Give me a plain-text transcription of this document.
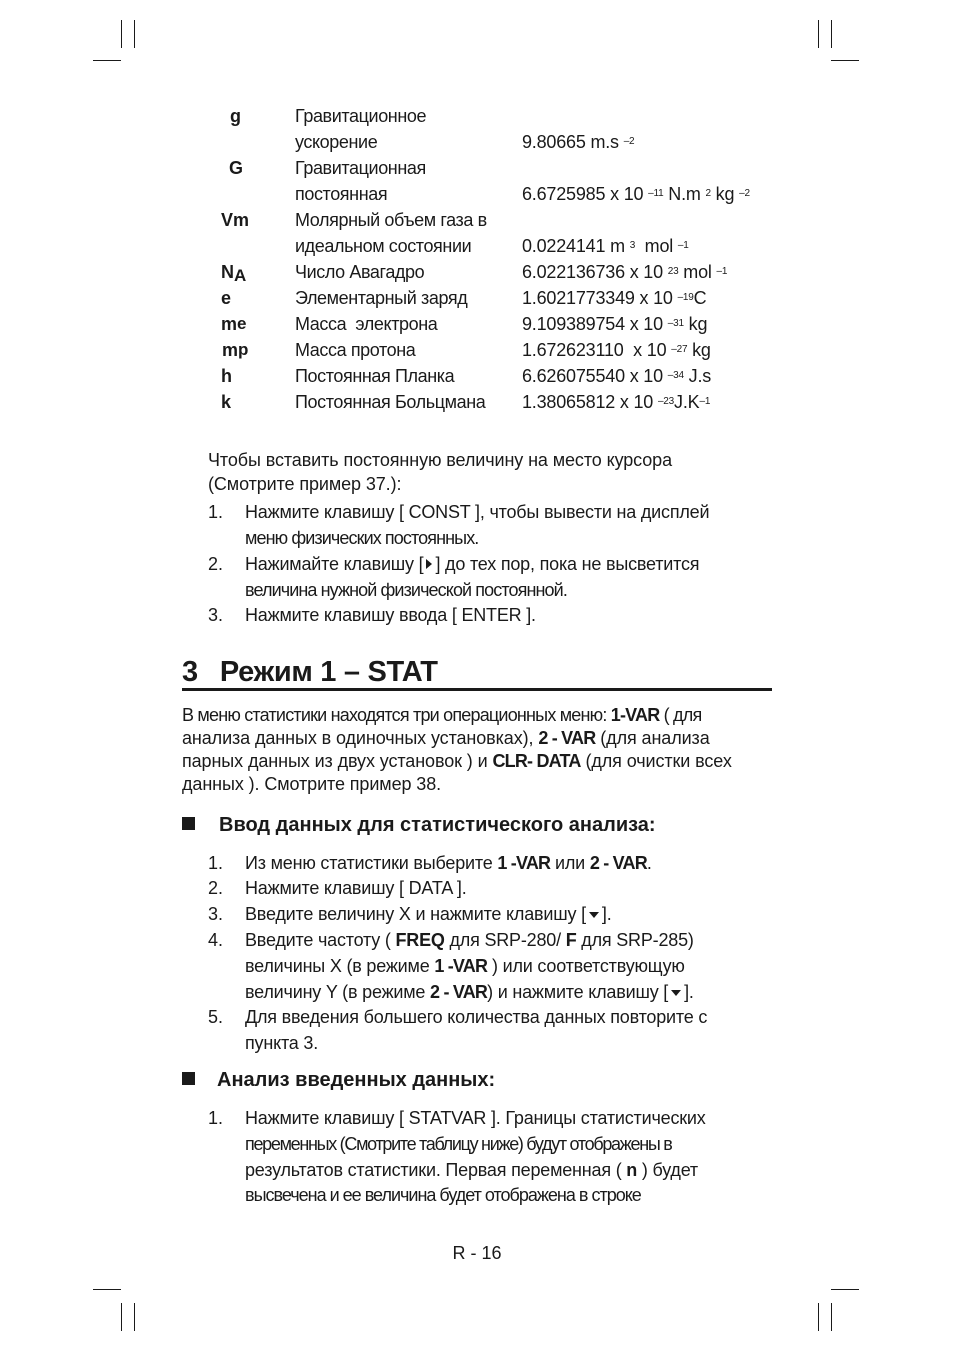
g	Гравитационное
ускорение	9.80665 m.s $^{-2}$
G	Гравитационная
постоянная	6.6725985 x 10 $^{-11}$ N.m $^2$ kg $^{-2}$
Vm	Молярный объем газа в
идеальном состоянии	0.0224141 m $^3$  mol $^{-1}$
NA	Число Авагадро	6.022136736 x 10 $^{23}$ mol $^{-1}$
e	Элементарный заряд	1.6021773349 x 10 $^{-19}$C
me	Масса  электрона	9.109389754 x 10 $^{-31}$ kg
mp	Масса протона	1.672623110  x 10 $^{-27}$ kg
h	Постоянная Планка	6.626075540 x 10 $^{-34}$ J.s
k	Постоянная Больцмана 1.38065812 x 10 $^{-23}J.K^{-1}$
Чтобы вставить постоянную величину на место курсора
(Смотрите пример 37.):
1. Нажмите клавишу [ CONST ], чтобы вывести на дисплей
меню физических постоянных.
2. Нажимайте клавишу [ ] до тех пор, пока не высветится
величина нужной физической постоянной.
3. Нажмите клавишу ввода [ ENTER ].
3 Режим 1 – STAT
В меню статистики находятся три операционных меню: 1-VAR ( для
анализа данных в одиночных установках), 2 - VAR (для анализа
парных данных из двух установок ) и CLR- DATA (для очистки всех
данных ). Смотрите пример 38.
Ввод данных для статистического анализа:
1. Из меню статистики выберите 1 -VAR или 2 - VAR.
2. Нажмите клавишу [ DATA ].
3. Введите величину X и нажмите клавишу [ ].
4. Введите частоту ( FREQ для SRP-280/ F для SRP-285)
величины X (в режиме 1 -VAR ) или соответствующую
величину Y (в режиме 2 - VAR) и нажмите клавишу [ ].
5. Для введения большего количества данных повторите с
пункта 3.
Анализ введенных данных:
1. Нажмите клавишу [ STATVAR ]. Границы статистических
переменных (Смотрите таблицу ниже) будут отображены в
результатов статистики. Первая переменная ( n ) будет
высвечена и ее величина будет отображена в строке
R - 16
